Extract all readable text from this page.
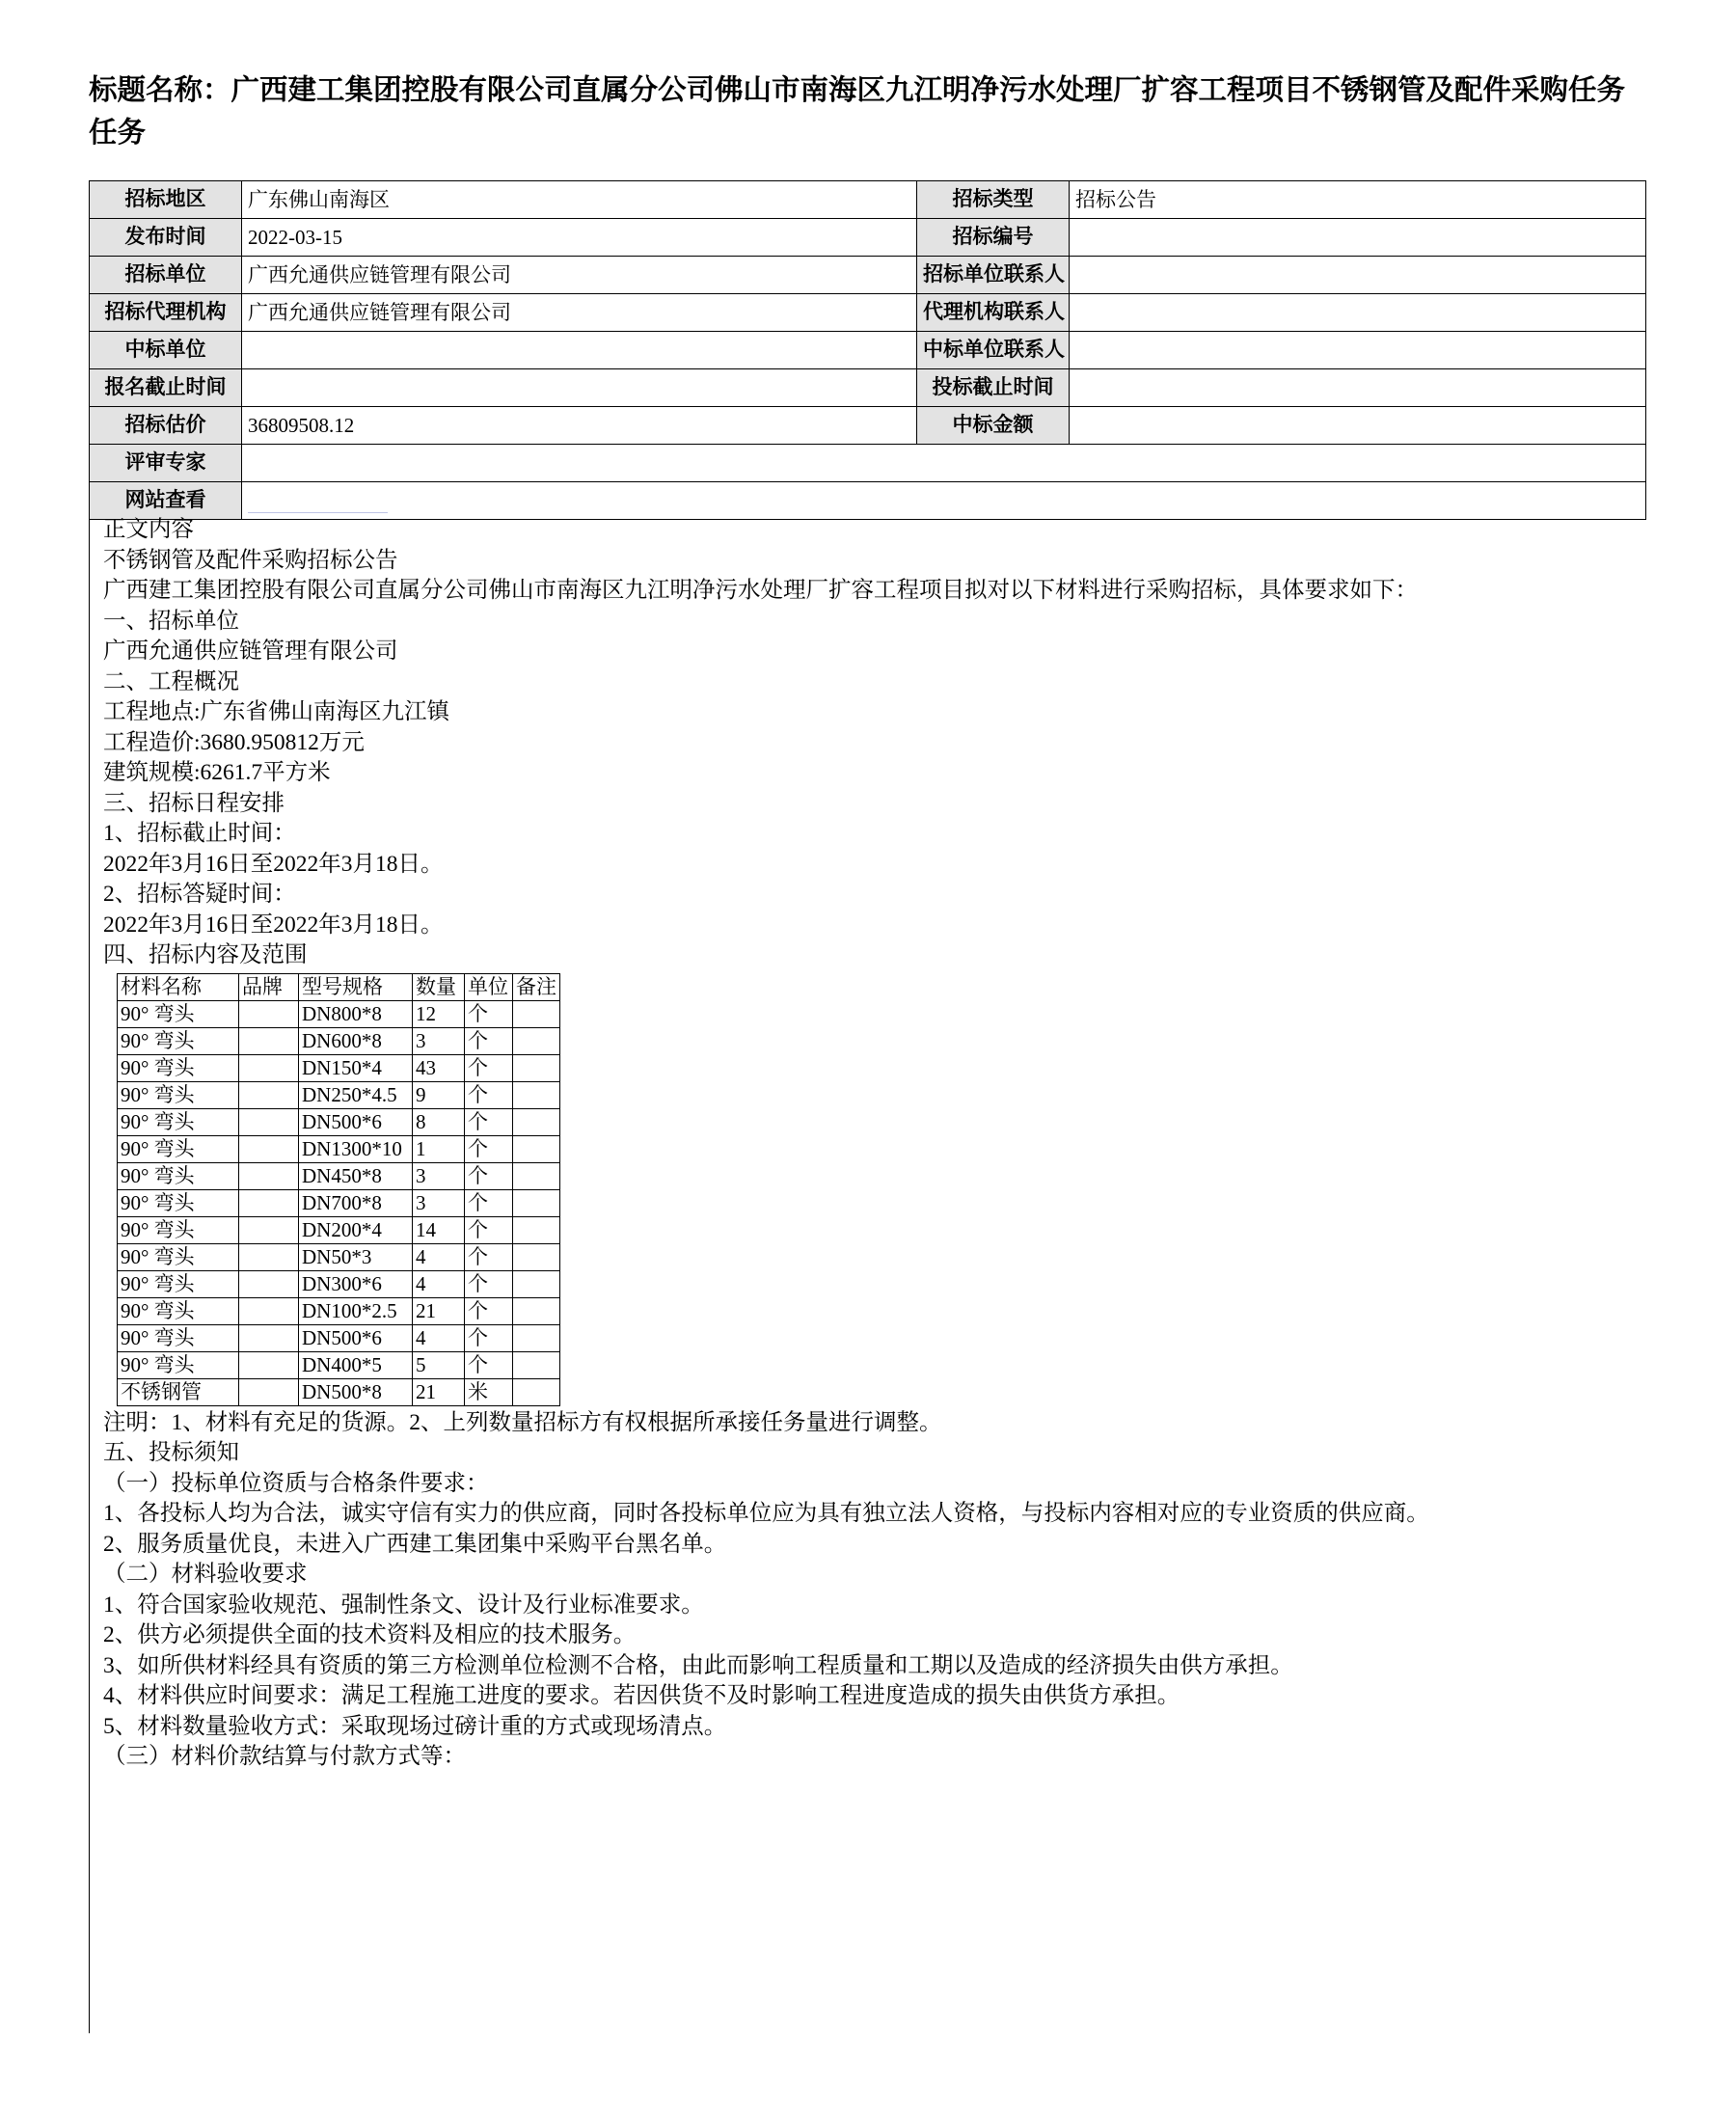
标题名称：广西建工集团控股有限公司直属分公司佛山市南海区九江明净污水处理厂扩容工程项目不锈钢管及配件采购任务任务
招标地区	广东佛山南海区	招标类型	招标公告
发布时间	2022-03-15	招标编号	
招标单位	广西允通供应链管理有限公司	招标单位联系人	
招标代理机构	广西允通供应链管理有限公司	代理机构联系人	
中标单位		中标单位联系人	
报名截止时间		投标截止时间	
招标估价	36809508.12	中标金额	
评审专家			
网站查看			
正文内容
不锈钢管及配件采购招标公告
广西建工集团控股有限公司直属分公司佛山市南海区九江明净污水处理厂扩容工程项目拟对以下材料进行采购招标，具体要求如下：
一、招标单位
广西允通供应链管理有限公司
二、工程概况
工程地点:广东省佛山南海区九江镇
工程造价:3680.950812万元
建筑规模:6261.7平方米
三、招标日程安排
1、招标截止时间：
2022年3月16日至2022年3月18日。
2、招标答疑时间：
2022年3月16日至2022年3月18日。
四、招标内容及范围
材料名称	品牌	型号规格	数量	单位	备注
90° 弯头		DN800*8	12	个	
90° 弯头		DN600*8	3	个	
90° 弯头		DN150*4	43	个	
90° 弯头		DN250*4.5	9	个	
90° 弯头		DN500*6	8	个	
90° 弯头		DN1300*10	1	个	
90° 弯头		DN450*8	3	个	
90° 弯头		DN700*8	3	个	
90° 弯头		DN200*4	14	个	
90° 弯头		DN50*3	4	个	
90° 弯头		DN300*6	4	个	
90° 弯头		DN100*2.5	21	个	
90° 弯头		DN500*6	4	个	
90° 弯头		DN400*5	5	个	
不锈钢管		DN500*8	21	米	
注明：1、材料有充足的货源。2、上列数量招标方有权根据所承接任务量进行调整。
五、投标须知
（一）投标单位资质与合格条件要求：
1、各投标人均为合法，诚实守信有实力的供应商，同时各投标单位应为具有独立法人资格，与投标内容相对应的专业资质的供应商。
2、服务质量优良，未进入广西建工集团集中采购平台黑名单。
（二）材料验收要求
1、符合国家验收规范、强制性条文、设计及行业标准要求。
2、供方必须提供全面的技术资料及相应的技术服务。
3、如所供材料经具有资质的第三方检测单位检测不合格，由此而影响工程质量和工期以及造成的经济损失由供方承担。
4、材料供应时间要求：满足工程施工进度的要求。若因供货不及时影响工程进度造成的损失由供货方承担。
5、材料数量验收方式：采取现场过磅计重的方式或现场清点。
（三）材料价款结算与付款方式等：
